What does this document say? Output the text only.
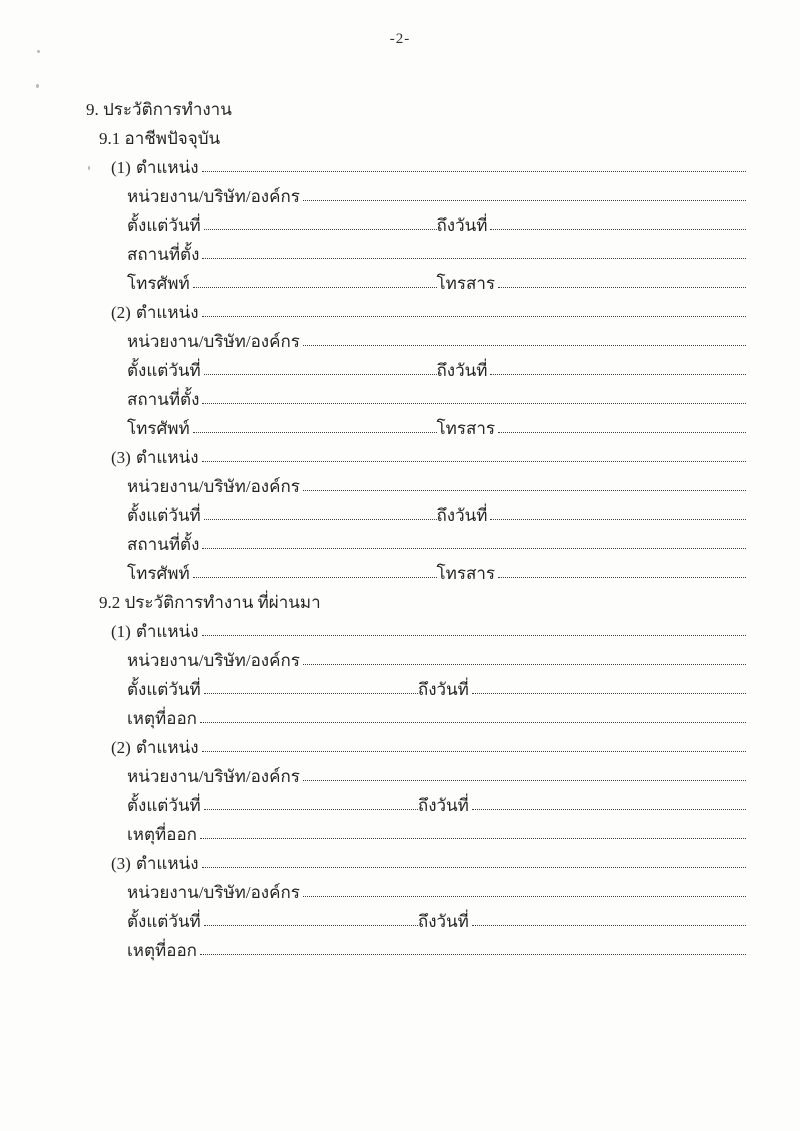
-2-
9. ประวัติการทำงาน
9.1 อาชีพปัจจุบัน
(1) ตำแหน่ง
หน่วยงาน/บริษัท/องค์กร
ตั้งแต่วันที่	ถึงวันที่
สถานที่ตั้ง
โทรศัพท์	โทรสาร
(2) ตำแหน่ง
หน่วยงาน/บริษัท/องค์กร
ตั้งแต่วันที่	ถึงวันที่
สถานที่ตั้ง
โทรศัพท์	โทรสาร
(3) ตำแหน่ง
หน่วยงาน/บริษัท/องค์กร
ตั้งแต่วันที่	ถึงวันที่
สถานที่ตั้ง
โทรศัพท์	โทรสาร
9.2 ประวัติการทำงาน ที่ผ่านมา
(1) ตำแหน่ง
หน่วยงาน/บริษัท/องค์กร
ตั้งแต่วันที่	ถึงวันที่
เหตุที่ออก
(2) ตำแหน่ง
หน่วยงาน/บริษัท/องค์กร
ตั้งแต่วันที่	ถึงวันที่
เหตุที่ออก
(3) ตำแหน่ง
หน่วยงาน/บริษัท/องค์กร
ตั้งแต่วันที่	ถึงวันที่
เหตุที่ออก
